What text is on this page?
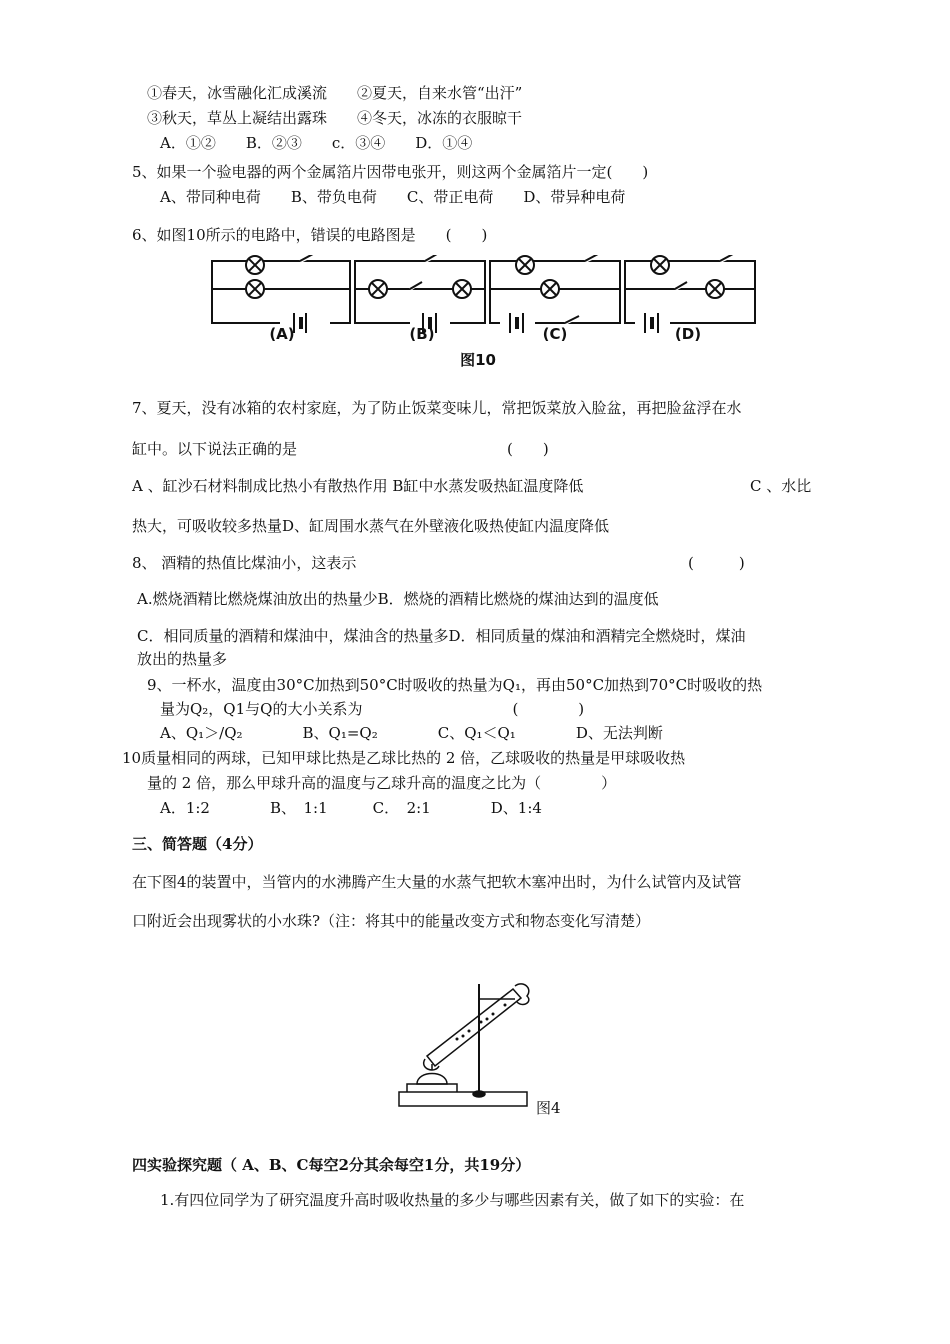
①春天，冰雪融化汇成溪流　　②夏天，自来水管“出汗”
③秋天，草丛上凝结出露珠　　④冬天，冰冻的衣服晾干
A．①②　　B．②③　　c．③④　　D．①④
5、如果一个验电器的两个金属箔片因带电张开，则这两个金属箔片一定(　　)
A、带同种电荷　　B、带负电荷　　C、带正电荷　　D、带异种电荷
6、如图10所示的电路中，错误的电路图是　　(　　)
(A)	(B)	(C)	(D)
图10
7、夏天，没有冰箱的农村家庭，为了防止饭菜变味儿，常把饭菜放入脸盆，再把脸盆浮在水
缸中。以下说法正确的是　　　　　　　　　　　　　　(　　)
A 、缸沙石材料制成比热小有散热作用 B缸中水蒸发吸热缸温度降低	C 、水比
热大，可吸收较多热量D、缸周围水蒸气在外壁液化吸热使缸内温度降低
8、 酒精的热值比煤油小，这表示	(　　　)
A.燃烧酒精比燃烧煤油放出的热量少B．燃烧的酒精比燃烧的煤油达到的温度低
C．相同质量的酒精和煤油中，煤油含的热量多D．相同质量的煤油和酒精完全燃烧时，煤油
放出的热量多
9、一杯水，温度由30°C加热到50°C时吸收的热量为Q₁，再由50°C加热到70°C时吸收的热
量为Q₂，Q1与Q的大小关系为　　　　　　　　　　(　　　　)
A、Q₁＞/Q₂　　　　B、Q₁=Q₂　　　　C、Q₁＜Q₁　　　　D、无法判断
10质量相同的两球，已知甲球比热是乙球比热的 2 倍，乙球吸收的热量是甲球吸收热
量的 2 倍，那么甲球升高的温度与乙球升高的温度之比为（　　　　）
A．1:2　　　　B、　1:1　　　C．　2:1　　　　D、1:4
三、简答题（4分）
在下图4的装置中，当管内的水沸腾产生大量的水蒸气把软木塞冲出时，为什么试管内及试管
口附近会出现雾状的小水珠?（注：将其中的能量改变方式和物态变化写清楚）
图4
四实验探究题（ A、B、C每空2分其余每空1分，共19分）
1.有四位同学为了研究温度升高时吸收热量的多少与哪些因素有关，做了如下的实验：在
